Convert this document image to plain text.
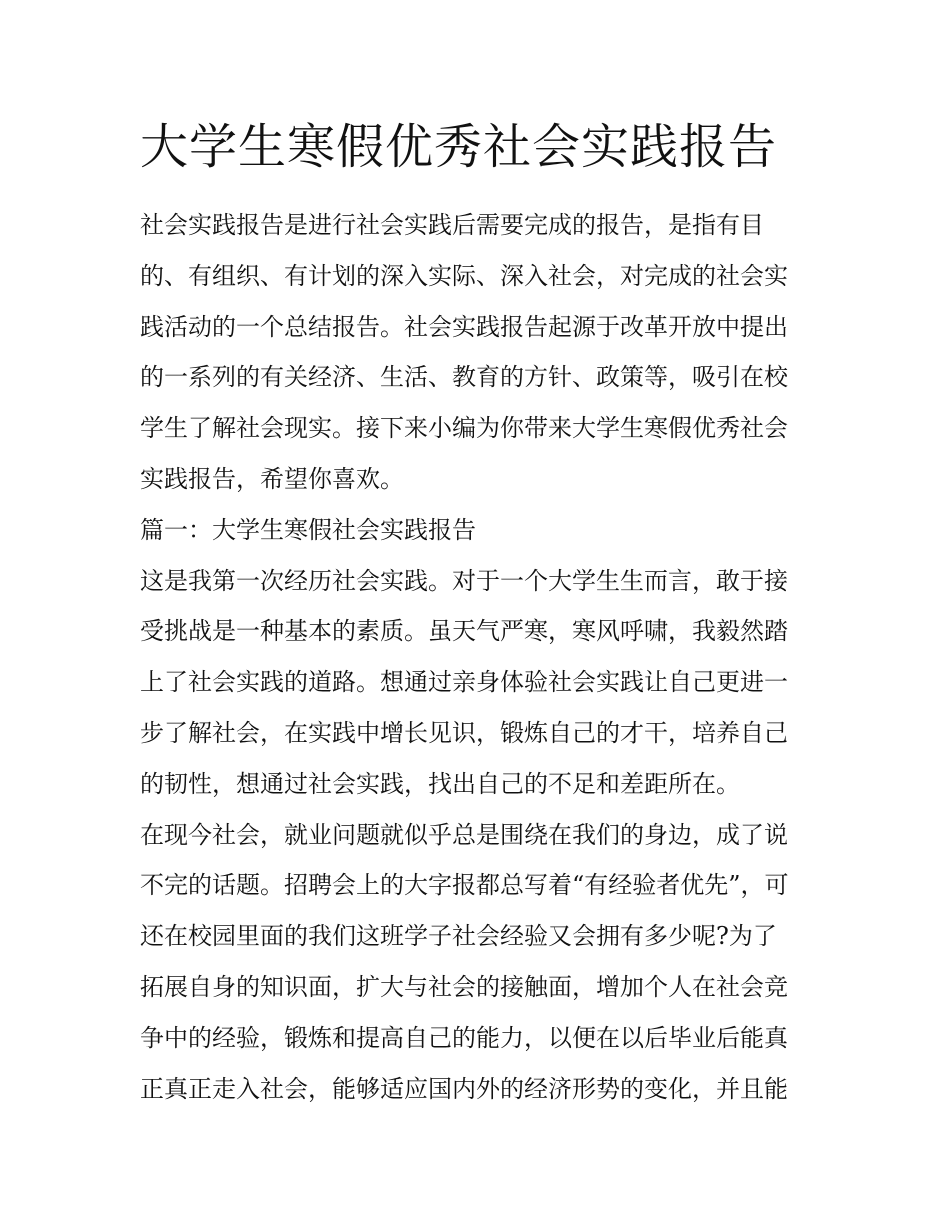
大学生寒假优秀社会实践报告
社会实践报告是进行社会实践后需要完成的报告，是指有目
的、有组织、有计划的深入实际、深入社会，对完成的社会实
践活动的一个总结报告。社会实践报告起源于改革开放中提出
的一系列的有关经济、生活、教育的方针、政策等，吸引在校
学生了解社会现实。接下来小编为你带来大学生寒假优秀社会
实践报告，希望你喜欢。
篇一：大学生寒假社会实践报告
这是我第一次经历社会实践。对于一个大学生生而言，敢于接
受挑战是一种基本的素质。虽天气严寒，寒风呼啸，我毅然踏
上了社会实践的道路。想通过亲身体验社会实践让自己更进一
步了解社会，在实践中增长见识，锻炼自己的才干，培养自己
的韧性，想通过社会实践，找出自己的不足和差距所在。
在现今社会，就业问题就似乎总是围绕在我们的身边，成了说
不完的话题。招聘会上的大字报都总写着“有经验者优先”，可
还在校园里面的我们这班学子社会经验又会拥有多少呢?为了
拓展自身的知识面，扩大与社会的接触面，增加个人在社会竞
争中的经验，锻炼和提高自己的能力，以便在以后毕业后能真
正真正走入社会，能够适应国内外的经济形势的变化，并且能
